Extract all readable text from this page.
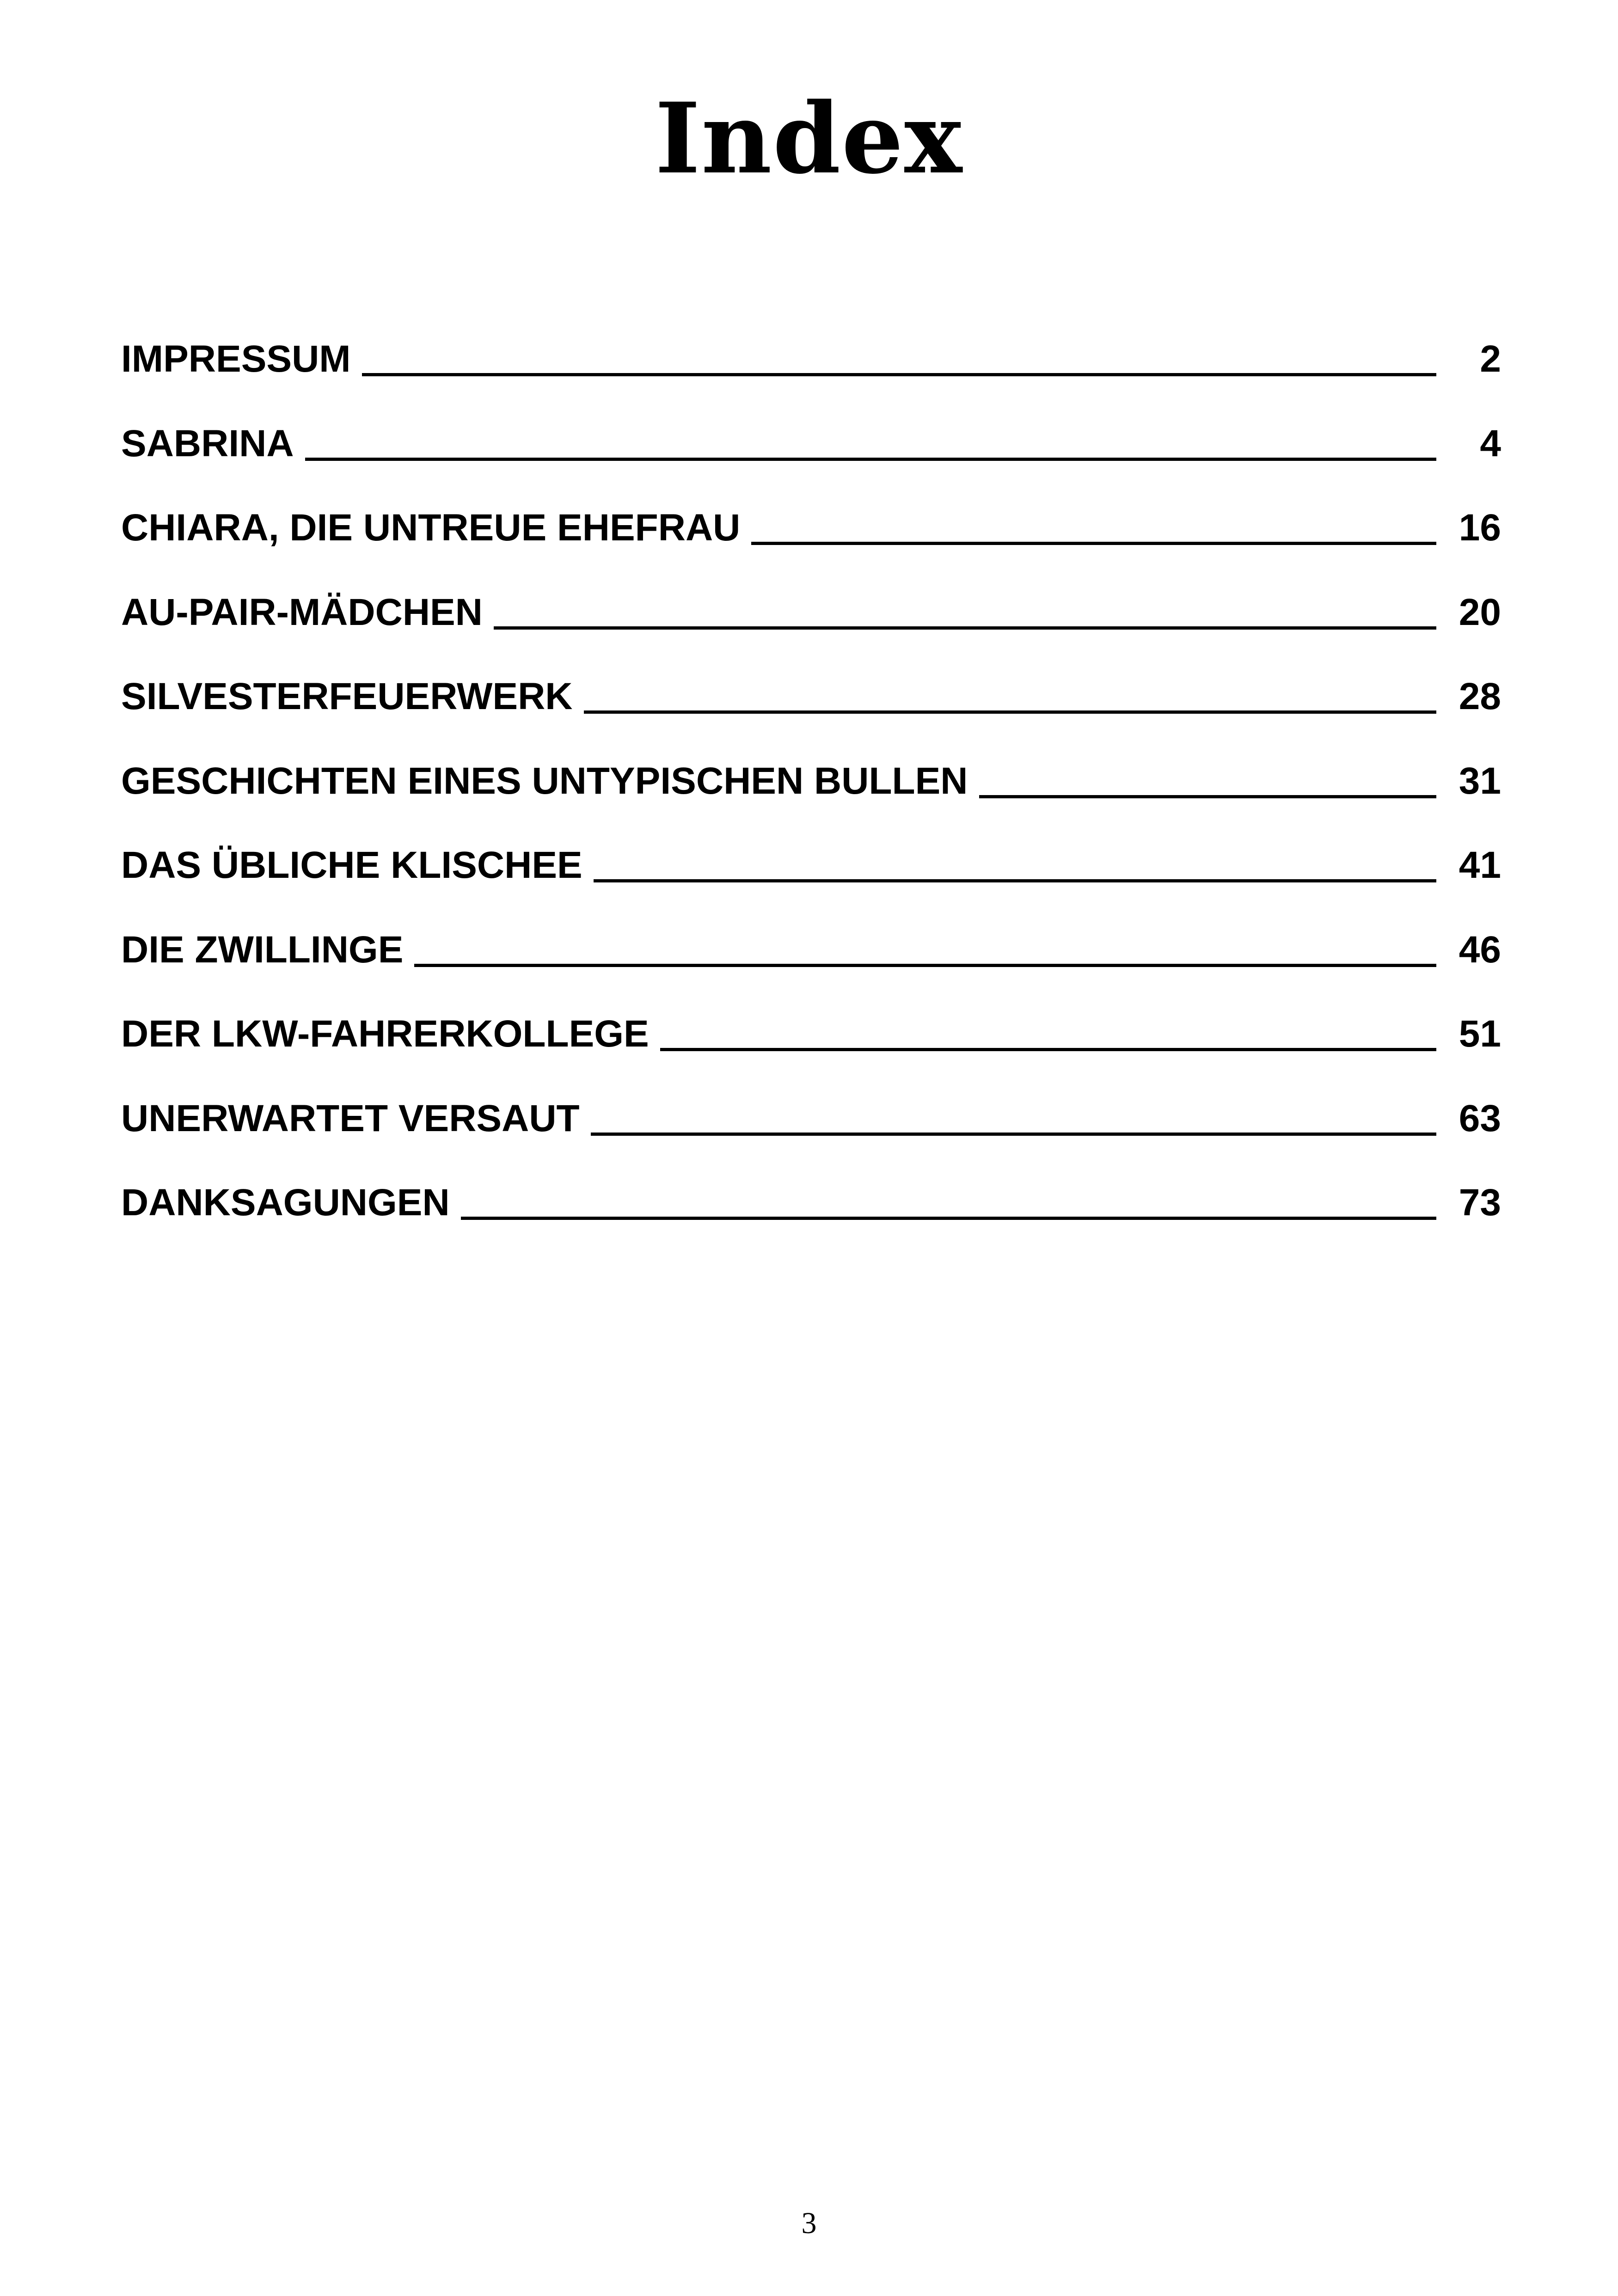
Index
IMPRESSUM	2
SABRINA	4
CHIARA, DIE UNTREUE EHEFRAU	16
AU-PAIR-MÄDCHEN	20
SILVESTERFEUERWERK	28
GESCHICHTEN EINES UNTYPISCHEN BULLEN	31
DAS ÜBLICHE KLISCHEE	41
DIE ZWILLINGE	46
DER LKW-FAHRERKOLLEGE	51
UNERWARTET VERSAUT	63
DANKSAGUNGEN	73
3
